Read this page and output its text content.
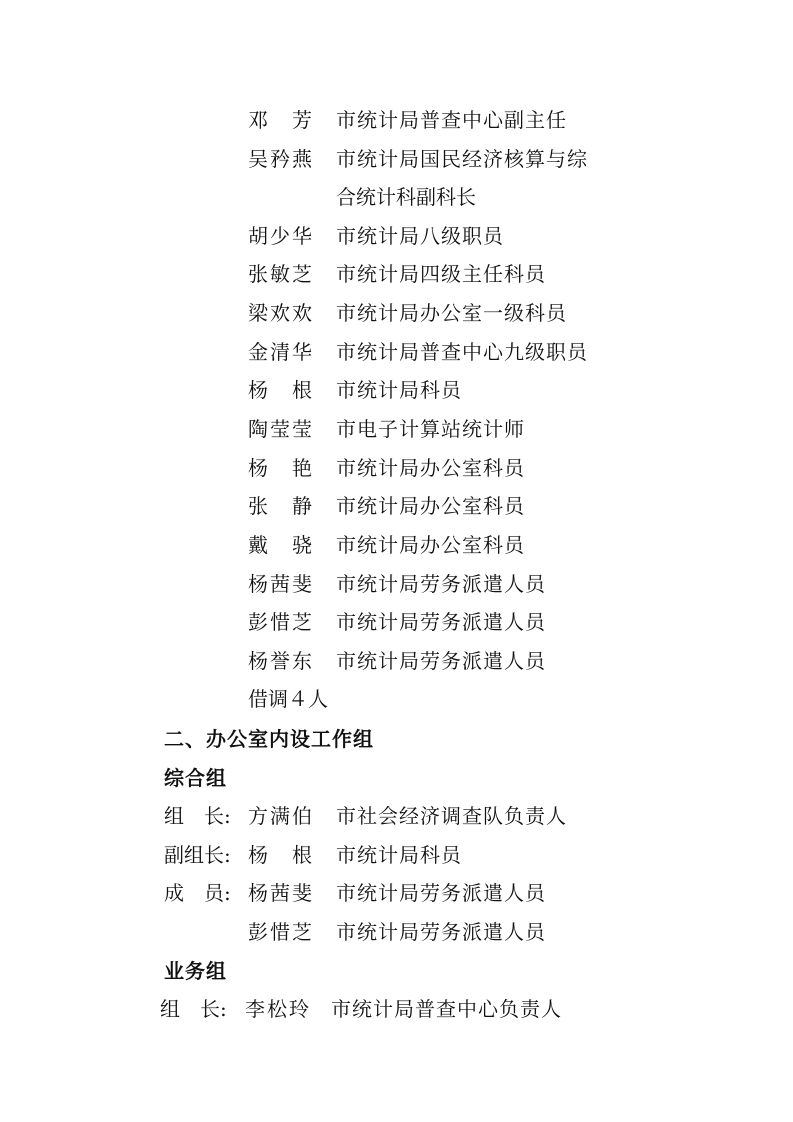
邓　芳 市统计局普查中心副主任
吴矜燕 市统计局国民经济核算与综
合统计科副科长
胡少华 市统计局八级职员
张敏芝 市统计局四级主任科员
梁欢欢 市统计局办公室一级科员
金清华 市统计局普查中心九级职员
杨　根 市统计局科员
陶莹莹 市电子计算站统计师
杨　艳 市统计局办公室科员
张　静 市统计局办公室科员
戴　骁 市统计局办公室科员
杨茜斐 市统计局劳务派遣人员
彭惜芝 市统计局劳务派遣人员
杨誉东 市统计局劳务派遣人员
借调４人
二、办公室内设工作组
综合组
组　长: 方满伯 市社会经济调查队负责人
副组长: 杨　根 市统计局科员
成　员: 杨茜斐 市统计局劳务派遣人员
彭惜芝 市统计局劳务派遣人员
业务组
组　长: 李松玲 市统计局普查中心负责人
